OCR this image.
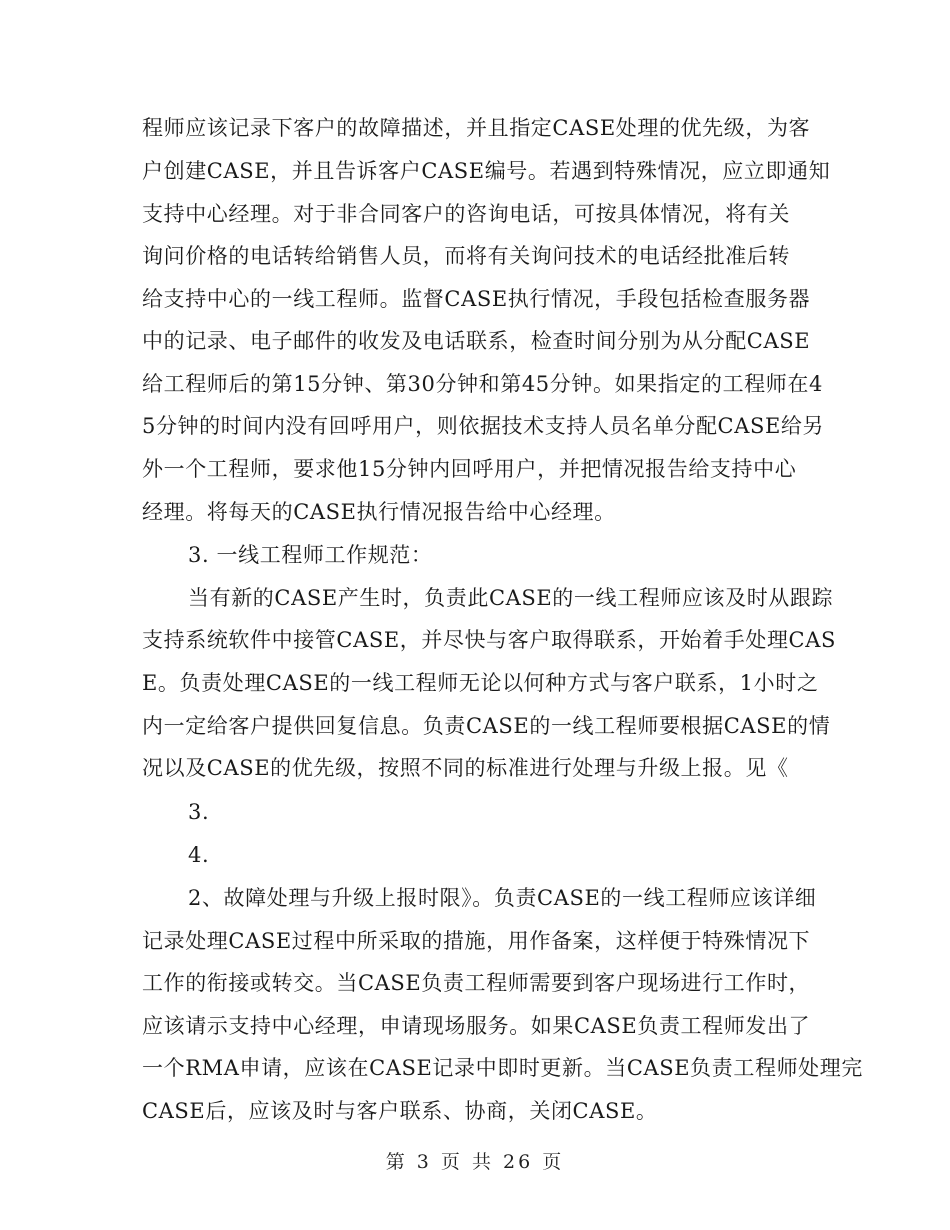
程师应该记录下客户的故障描述，并且指定CASE处理的优先级，为客
户创建CASE，并且告诉客户CASE编号。若遇到特殊情况，应立即通知
支持中心经理。对于非合同客户的咨询电话，可按具体情况，将有关
询问价格的电话转给销售人员，而将有关询问技术的电话经批准后转
给支持中心的一线工程师。监督CASE执行情况，手段包括检查服务器
中的记录、电子邮件的收发及电话联系，检查时间分别为从分配CASE
给工程师后的第15分钟、第30分钟和第45分钟。如果指定的工程师在4
5分钟的时间内没有回呼用户，则依据技术支持人员名单分配CASE给另
外一个工程师，要求他15分钟内回呼用户，并把情况报告给支持中心
经理。将每天的CASE执行情况报告给中心经理。
3. 一线工程师工作规范：
当有新的CASE产生时，负责此CASE的一线工程师应该及时从跟踪
支持系统软件中接管CASE，并尽快与客户取得联系，开始着手处理CAS
E。负责处理CASE的一线工程师无论以何种方式与客户联系，1小时之
内一定给客户提供回复信息。负责CASE的一线工程师要根据CASE的情
况以及CASE的优先级，按照不同的标准进行处理与升级上报。见《
3.
4.
2、故障处理与升级上报时限》。负责CASE的一线工程师应该详细
记录处理CASE过程中所采取的措施，用作备案，这样便于特殊情况下
工作的衔接或转交。当CASE负责工程师需要到客户现场进行工作时，
应该请示支持中心经理，申请现场服务。如果CASE负责工程师发出了
一个RMA申请，应该在CASE记录中即时更新。当CASE负责工程师处理完
CASE后，应该及时与客户联系、协商，关闭CASE。
第 3 页 共 26 页
